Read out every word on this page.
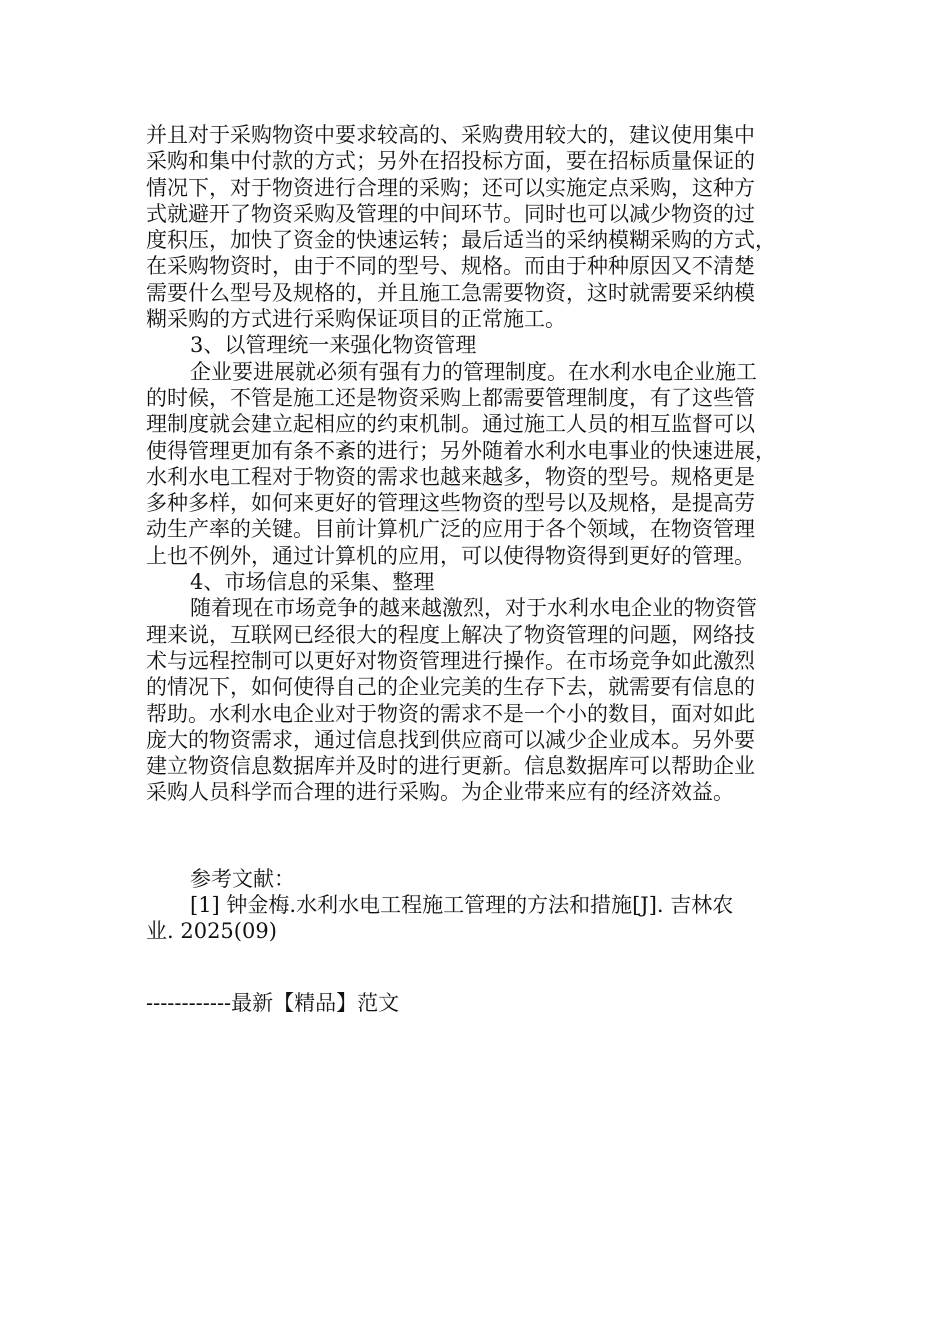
并且对于采购物资中要求较高的、采购费用较大的，建议使用集中
采购和集中付款的方式；另外在招投标方面，要在招标质量保证的
情况下，对于物资进行合理的采购；还可以实施定点采购，这种方
式就避开了物资采购及管理的中间环节。同时也可以减少物资的过
度积压，加快了资金的快速运转；最后适当的采纳模糊采购的方式，
在采购物资时，由于不同的型号、规格。而由于种种原因又不清楚
需要什么型号及规格的，并且施工急需要物资，这时就需要采纳模
糊采购的方式进行采购保证项目的正常施工。
3、以管理统一来强化物资管理
企业要进展就必须有强有力的管理制度。在水利水电企业施工
的时候，不管是施工还是物资采购上都需要管理制度，有了这些管
理制度就会建立起相应的约束机制。通过施工人员的相互监督可以
使得管理更加有条不紊的进行；另外随着水利水电事业的快速进展，
水利水电工程对于物资的需求也越来越多，物资的型号。规格更是
多种多样，如何来更好的管理这些物资的型号以及规格，是提高劳
动生产率的关键。目前计算机广泛的应用于各个领域，在物资管理
上也不例外，通过计算机的应用，可以使得物资得到更好的管理。
4、市场信息的采集、整理
随着现在市场竞争的越来越激烈，对于水利水电企业的物资管
理来说，互联网已经很大的程度上解决了物资管理的问题，网络技
术与远程控制可以更好对物资管理进行操作。在市场竞争如此激烈
的情况下，如何使得自己的企业完美的生存下去，就需要有信息的
帮助。水利水电企业对于物资的需求不是一个小的数目，面对如此
庞大的物资需求，通过信息找到供应商可以减少企业成本。另外要
建立物资信息数据库并及时的进行更新。信息数据库可以帮助企业
采购人员科学而合理的进行采购。为企业带来应有的经济效益。
参考文献：
[1] 钟金梅.水利水电工程施工管理的方法和措施[J]. 吉林农
业. 2025(09)
------------最新【精品】范文
